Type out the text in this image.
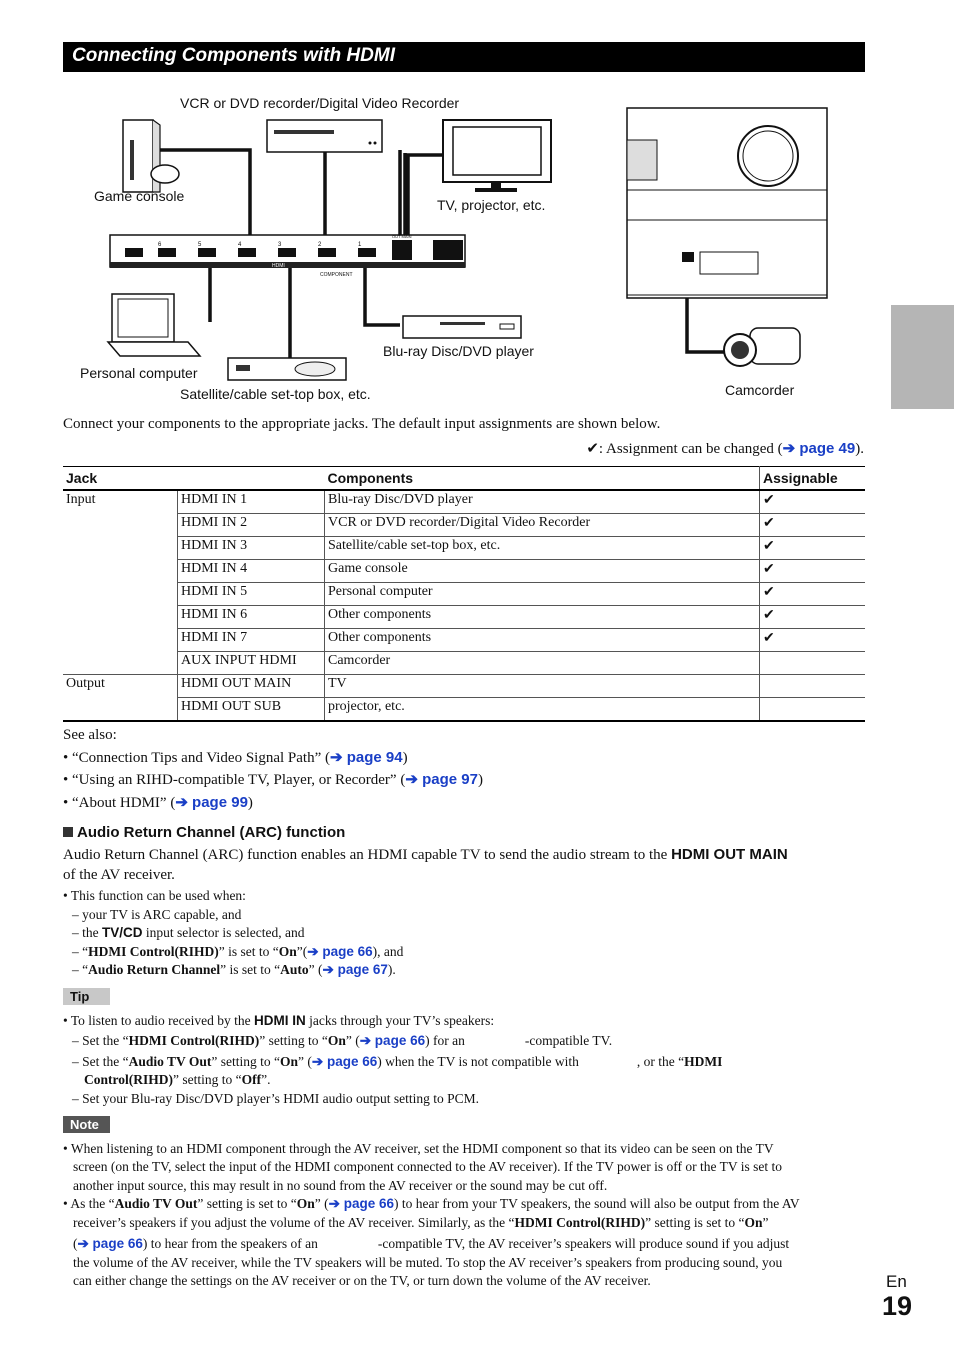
Connecting Components with HDMI
HDMI
COMPONENT
OUT MAIN
6	5	4	3	2	1
VCR or DVD recorder/Digital Video Recorder
Game console
TV, projector, etc.
Blu-ray Disc/DVD player
Personal computer
Satellite/cable set-top box, etc.	Camcorder
Connect your components to the appropriate jacks. The default input assignments are shown below.
✔: Assignment can be changed (➔ page 49).
Jack		Components	Assignable
Input	HDMI IN 1	Blu-ray Disc/DVD player	✔
	HDMI IN 2	VCR or DVD recorder/Digital Video Recorder	✔
	HDMI IN 3	Satellite/cable set-top box, etc.	✔
	HDMI IN 4	Game console	✔
	HDMI IN 5	Personal computer	✔
	HDMI IN 6	Other components	✔
	HDMI IN 7	Other components	✔
	AUX INPUT HDMI	Camcorder	
Output	HDMI OUT MAIN	TV	
	HDMI OUT SUB	projector, etc.	
See also:
• “Connection Tips and Video Signal Path” (➔ page 94)
• “Using an RIHD-compatible TV, Player, or Recorder” (➔ page 97)
• “About HDMI” (➔ page 99)
Audio Return Channel (ARC) function
Audio Return Channel (ARC) function enables an HDMI capable TV to send the audio stream to the HDMI OUT MAIN
of the AV receiver.
• This function can be used when:
– your TV is ARC capable, and
– the TV/CD input selector is selected, and
– “HDMI Control(RIHD)” is set to “On”(➔ page 66), and
– “Audio Return Channel” is set to “Auto” (➔ page 67).
Tip
• To listen to audio received by the HDMI IN jacks through your TV’s speakers:
– Set the “HDMI Control(RIHD)” setting to “On” (➔ page 66) for an	-compatible TV.
– Set the “Audio TV Out” setting to “On” (➔ page 66) when the TV is not compatible with	, or the “HDMI
Control(RIHD)” setting to “Off”.
– Set your Blu-ray Disc/DVD player’s HDMI audio output setting to PCM.
Note
• When listening to an HDMI component through the AV receiver, set the HDMI component so that its video can be seen on the TV
screen (on the TV, select the input of the HDMI component connected to the AV receiver). If the TV power is off or the TV is set to
another input source, this may result in no sound from the AV receiver or the sound may be cut off.
• As the “Audio TV Out” setting is set to “On” (➔ page 66) to hear from your TV speakers, the sound will also be output from the AV
receiver’s speakers if you adjust the volume of the AV receiver. Similarly, as the “HDMI Control(RIHD)” setting is set to “On”
(➔ page 66) to hear from the speakers of an	-compatible TV, the AV receiver’s speakers will produce sound if you adjust
the volume of the AV receiver, while the TV speakers will be muted. To stop the AV receiver’s speakers from producing sound, you
can either change the settings on the AV receiver or on the TV, or turn down the volume of the AV receiver.	En
19
